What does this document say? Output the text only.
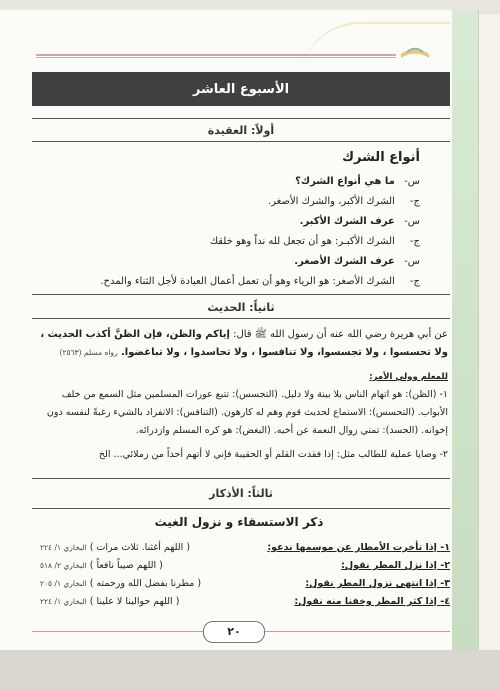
الأسبوع العاشر
أولاً: العقيدة
أنواع الشرك
س- ما هي أنواع الشرك؟
ج- الشرك الأكبر، والشرك الأصغر.
س- عرف الشرك الأكبر.
ج- الشرك الأكبـر: هو أن تجعل لله نداً وهو خلقك
س- عرف الشرك الأصغر.
ج- الشرك الأصغر: هو الرياء وهو أن تعمل أعمال العبادة لأجل الثناء والمدح.
ثانياً: الحديث
عن أبي هريرة رضي الله عنه أن رسول الله ﷺ قال: إياكم والظن، فإن الظنَّ أكذب الحديث ، ولا تحسسوا ، ولا تجسسوا، ولا تنافسوا ، ولا تحاسدوا ، ولا تباغضوا. رواه مسلم (٢٥٦٣)
للمعلم وولي الأمر:
١- (الظن): هو اتهام الناس بلا بينة ولا دليل. (التجسس): تتبع عورات المسلمين مثل السمع من خلف الأبواب. (التحسس): الاستماع لحديث قوم وهم له كارهون. (التنافس): الانفراد بالشيء رغبةً لنفسه دون إخوانه. (الحسد): تمني زوال النعمة عن أخيه. (البغض): هو كره المسلم وازدرائه.
٢- وصايا عملية للطالب مثل: إذا فقدت القلم أو الحقيبة فإني لا أتهم أحداً من زملائي... الخ
ثالثاً: الأذكار
ذكر الاستسقاء و نزول الغيث
١- إذا تأخرت الأمطار عن موسمها ندعو:
( اللهم أغثنا. ثلاث مرات ) البخاري ١/ ٢٢٤
٢- إذا نزل المطر نقول:
( اللهم صيباً نافعاً ) البخاري ٢/ ٥١٨
٣- إذا انتهى نزول المطر نقول:
( مطرنا بفضل الله ورحمته ) البخاري ١/ ٢٠٥
٤- إذا كثر المطر وخفنا منه نقول:
( اللهم حوالينا لا علينا ) البخاري ١/ ٢٢٤
٢٠
